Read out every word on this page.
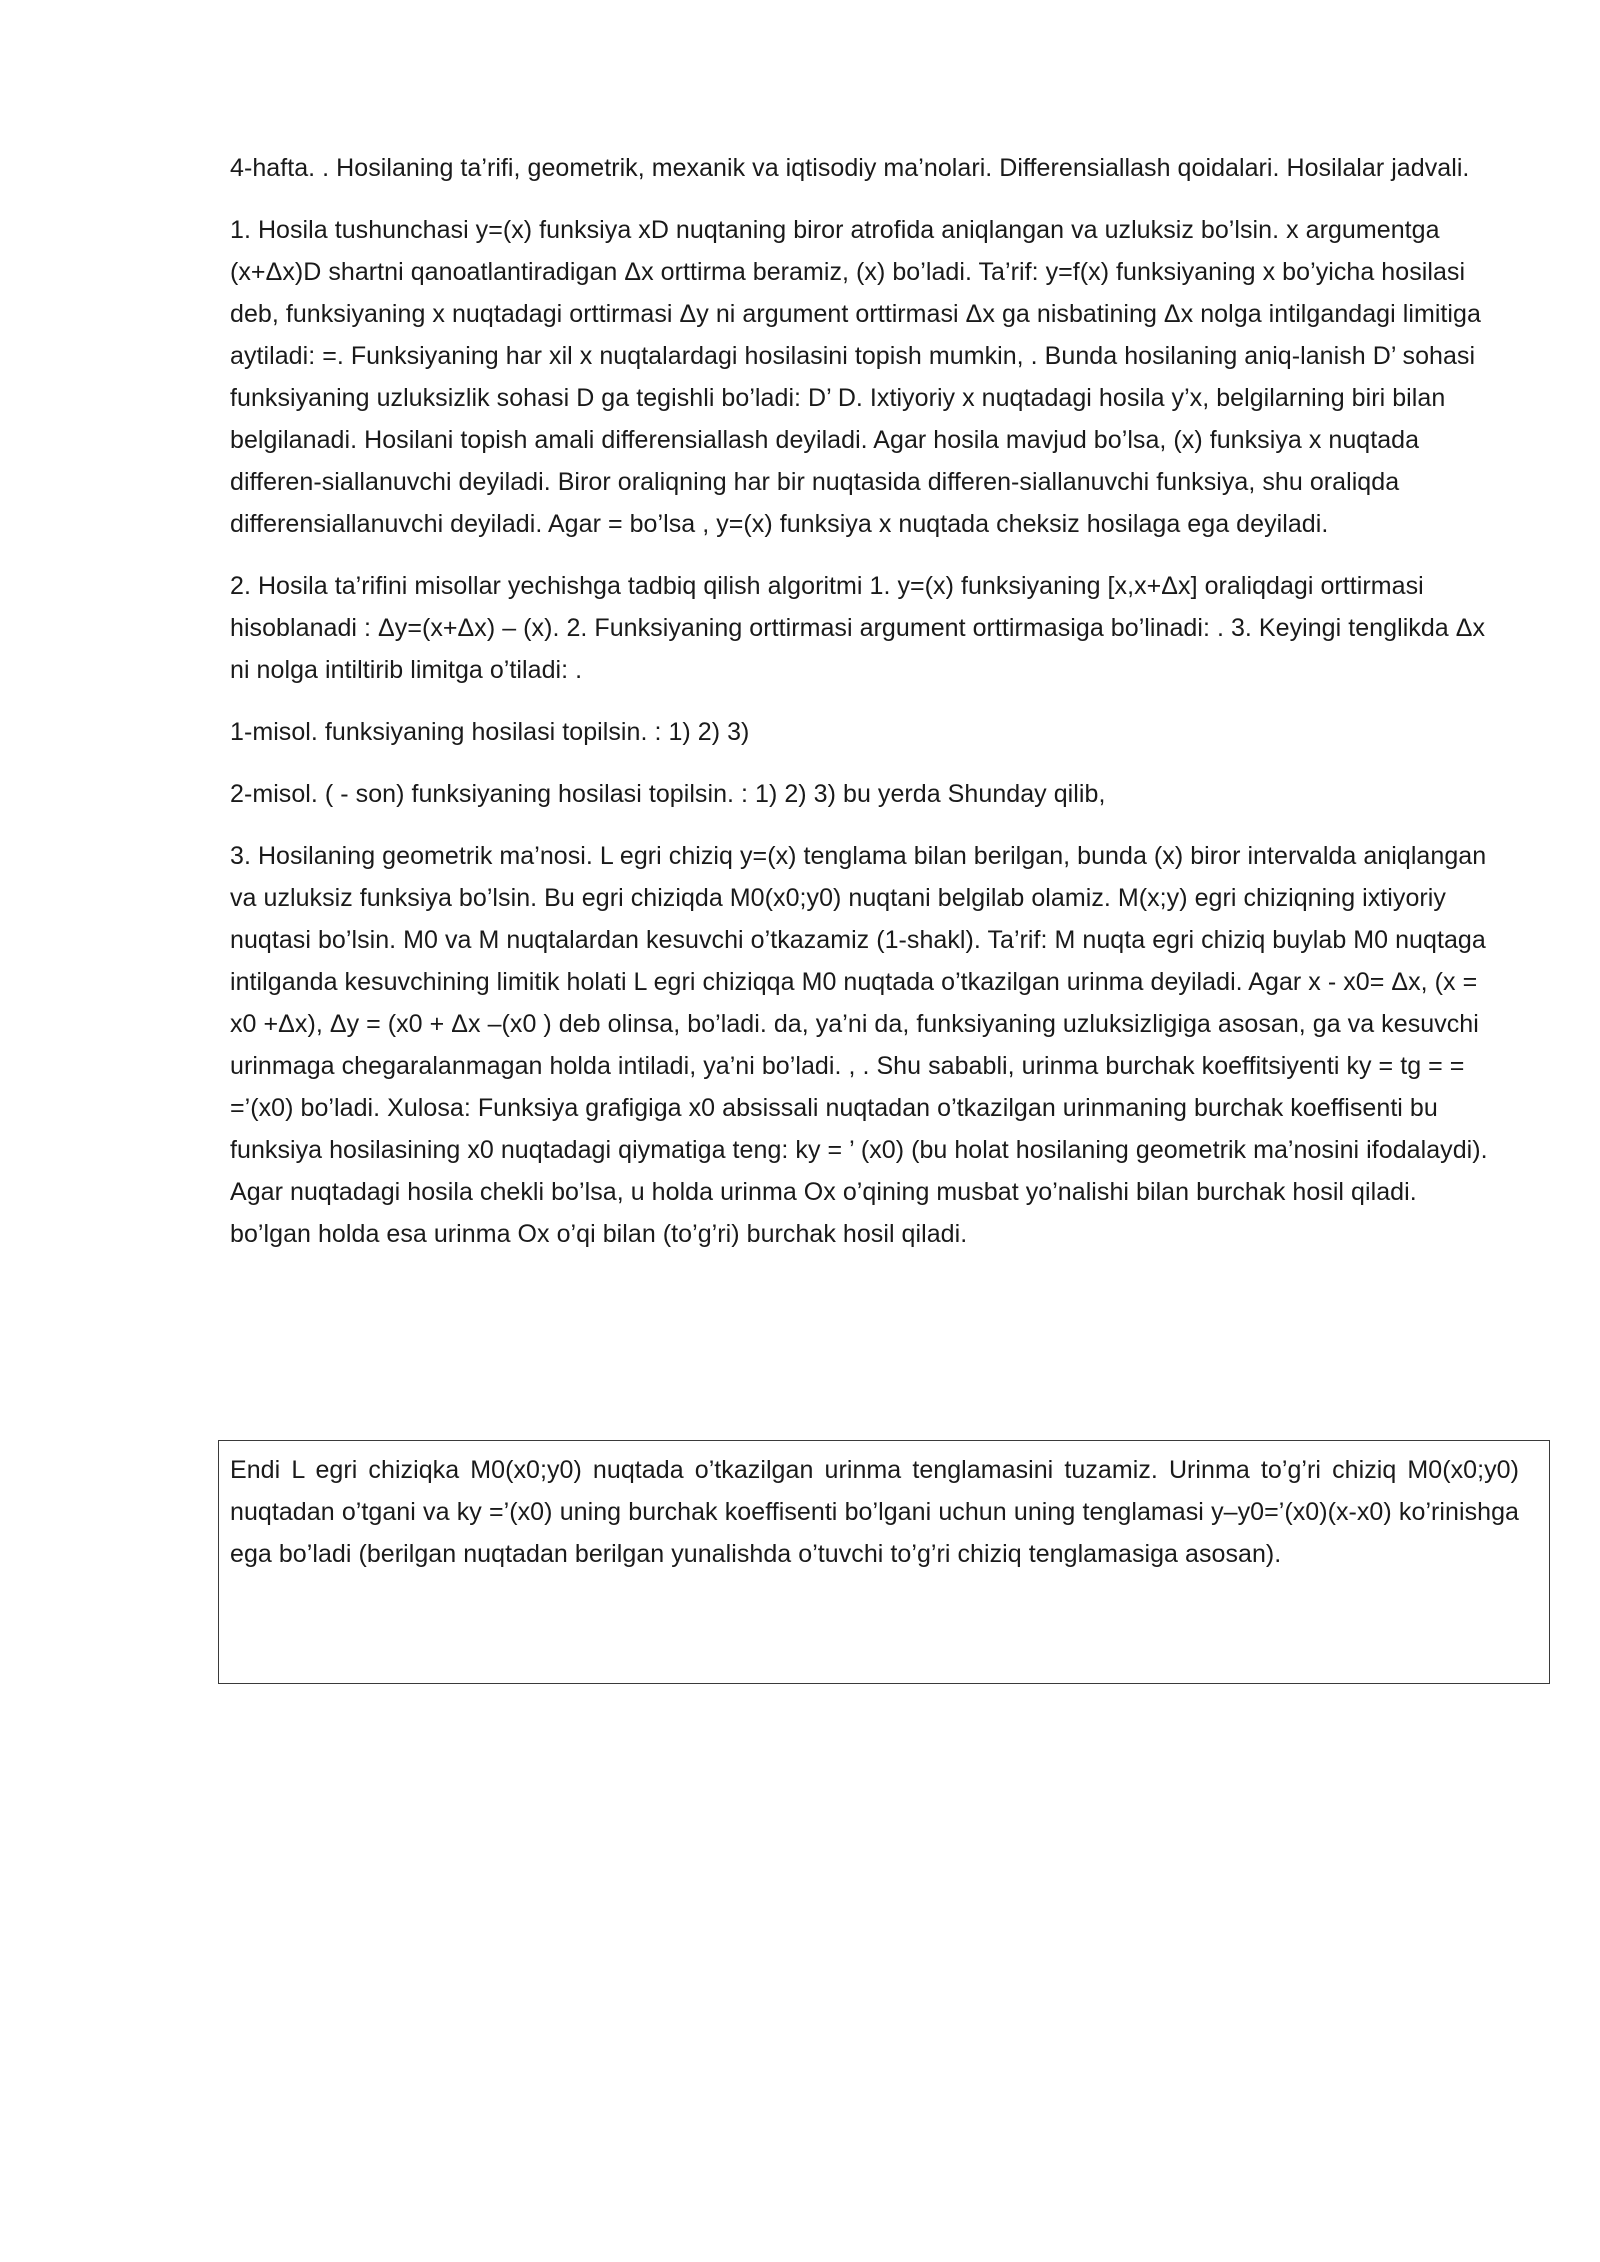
4-hafta. . Hosilaning ta’rifi, geometrik, mexanik va iqtisodiy ma’nolari. Differensiallash qoidalari. Hosilalar jadvali.

1. Hosila tushunchasi y=(x) funksiya xD nuqtaning biror atrofida aniqlangan va uzluksiz bo’lsin. x argumentga (x+Δx)D shartni qanoatlantiradigan Δx orttirma beramiz, (x) bo’ladi. Ta’rif: y=f(x) funksiyaning x bo’yicha hosilasi deb, funksiyaning x nuqtadagi orttirmasi Δy ni argument orttirmasi Δx ga nisbatining Δx nolga intilgandagi limitiga aytiladi: =. Funksiyaning har xil x nuqtalardagi hosilasini topish mumkin, . Bunda hosilaning aniq-lanish D’ sohasi funksiyaning uzluksizlik sohasi D ga tegishli bo’ladi: D’ D. Ixtiyoriy x nuqtadagi hosila y’x, belgilarning biri bilan belgilanadi. Hosilani topish amali differensiallash deyiladi. Agar hosila mavjud bo’lsa, (x) funksiya x nuqtada differen-siallanuvchi deyiladi. Biror oraliqning har bir nuqtasida differen-siallanuvchi funksiya, shu oraliqda differensiallanuvchi deyiladi. Agar = bo’lsa , y=(x) funksiya x nuqtada cheksiz hosilaga ega deyiladi.

2. Hosila ta’rifini misollar yechishga tadbiq qilish algoritmi 1. y=(x) funksiyaning [x,x+Δx] oraliqdagi orttirmasi hisoblanadi : Δy=(x+Δx) – (x). 2. Funksiyaning orttirmasi argument orttirmasiga bo’linadi: . 3. Keyingi tenglikda Δx ni nolga intiltirib limitga o’tiladi: .

1-misol. funksiyaning hosilasi topilsin. : 1) 2) 3)

2-misol. ( - son) funksiyaning hosilasi topilsin. : 1) 2) 3) bu yerda Shunday qilib,

3. Hosilaning geometrik ma’nosi. L egri chiziq y=(x) tenglama bilan berilgan, bunda (x) biror intervalda aniqlangan va uzluksiz funksiya bo’lsin. Bu egri chiziqda M0(x0;y0) nuqtani belgilab olamiz. M(x;y) egri chiziqning ixtiyoriy nuqtasi bo’lsin. M0 va M nuqtalardan kesuvchi o’tkazamiz (1-shakl). Ta’rif: M nuqta egri chiziq buylab M0 nuqtaga intilganda kesuvchining limitik holati L egri chiziqqa M0 nuqtada o’tkazilgan urinma deyiladi. Agar x - x0= Δx, (x = x0 +Δx), Δy = (x0 + Δx –(x0 ) deb olinsa, bo’ladi. da, ya’ni da, funksiyaning uzluksizligiga asosan, ga va kesuvchi urinmaga chegaralanmagan holda intiladi, ya’ni bo’ladi. , . Shu sababli, urinma burchak koeffitsiyenti ky = tg = = =’(x0) bo’ladi. Xulosa: Funksiya grafigiga x0 absissali nuqtadan o’tkazilgan urinmaning burchak koeffisenti bu funksiya hosilasining x0 nuqtadagi qiymatiga teng: ky = ’ (x0) (bu holat hosilaning geometrik ma’nosini ifodalaydi). Agar nuqtadagi hosila chekli bo’lsa, u holda urinma Ox o’qining musbat yo’nalishi bilan burchak hosil qiladi. bo’lgan holda esa urinma Ox o’qi bilan (to’g’ri) burchak hosil qiladi.

Endi L egri chiziqka M0(x0;y0) nuqtada o’tkazilgan urinma tenglamasini tuzamiz. Urinma to’g’ri chiziq M0(x0;y0) nuqtadan o’tgani va ky =’(x0) uning burchak koeffisenti bo’lgani uchun uning tenglamasi y–y0=’(x0)(x-x0) ko’rinishga ega bo’ladi (berilgan nuqtadan berilgan yunalishda o’tuvchi to’g’ri chiziq tenglamasiga asosan).
